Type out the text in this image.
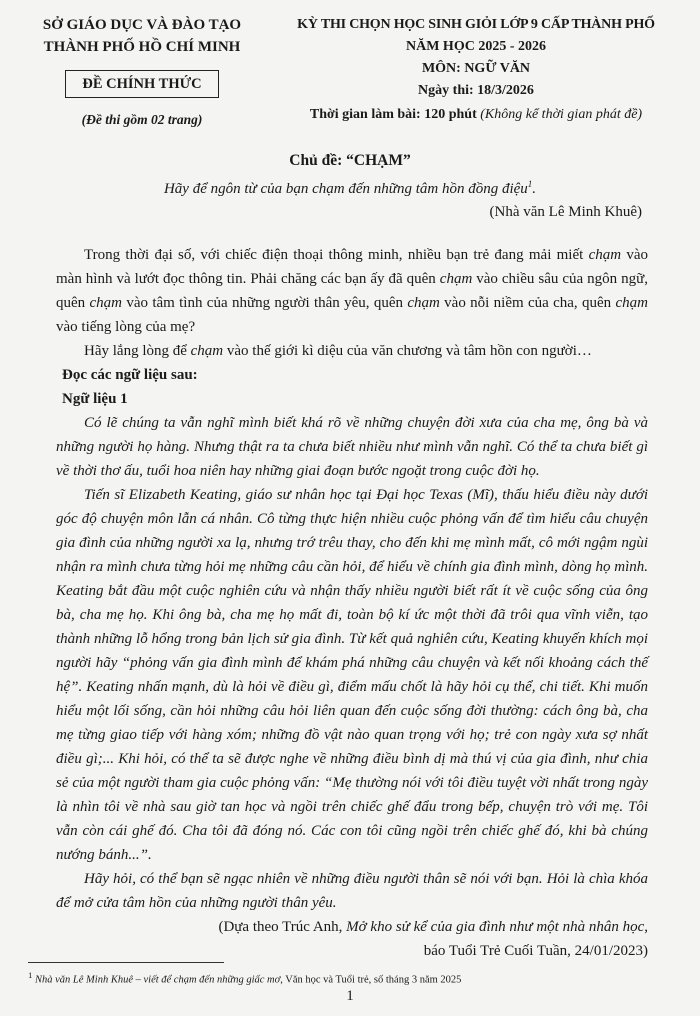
SỞ GIÁO DỤC VÀ ĐÀO TẠO
THÀNH PHỐ HỒ CHÍ MINH
ĐỀ CHÍNH THỨC
(Đề thi gồm 02 trang)
KỲ THI CHỌN HỌC SINH GIỎI LỚP 9 CẤP THÀNH PHỐ
NĂM HỌC 2025 - 2026
MÔN: NGỮ VĂN
Ngày thi: 18/3/2026
Thời gian làm bài: 120 phút (Không kể thời gian phát đề)
Chủ đề: “CHẠM”
Hãy để ngôn từ của bạn chạm đến những tâm hồn đồng điệu$^1$.
(Nhà văn Lê Minh Khuê)

Trong thời đại số, với chiếc điện thoại thông minh, nhiều bạn trẻ đang mải miết chạm vào màn hình và lướt đọc thông tin. Phải chăng các bạn ấy đã quên chạm vào chiều sâu của ngôn ngữ, quên chạm vào tâm tình của những người thân yêu, quên chạm vào nỗi niềm của cha, quên chạm vào tiếng lòng của mẹ?

Hãy lắng lòng để chạm vào thế giới kì diệu của văn chương và tâm hồn con người…

Đọc các ngữ liệu sau:

Ngữ liệu 1

Có lẽ chúng ta vẫn nghĩ mình biết khá rõ về những chuyện đời xưa của cha mẹ, ông bà và những người họ hàng. Nhưng thật ra ta chưa biết nhiều như mình vẫn nghĩ. Có thể ta chưa biết gì về thời thơ ấu, tuổi hoa niên hay những giai đoạn bước ngoặt trong cuộc đời họ.

Tiến sĩ Elizabeth Keating, giáo sư nhân học tại Đại học Texas (Mĩ), thấu hiểu điều này dưới góc độ chuyện môn lẫn cá nhân. Cô từng thực hiện nhiều cuộc phỏng vấn để tìm hiểu câu chuyện gia đình của những người xa lạ, nhưng trớ trêu thay, cho đến khi mẹ mình mất, cô mới ngậm ngùi nhận ra mình chưa từng hỏi mẹ những câu cần hỏi, để hiểu về chính gia đình mình, dòng họ mình. Keating bắt đầu một cuộc nghiên cứu và nhận thấy nhiều người biết rất ít về cuộc sống của ông bà, cha mẹ họ. Khi ông bà, cha mẹ họ mất đi, toàn bộ kí ức một thời đã trôi qua vĩnh viễn, tạo thành những lỗ hổng trong bản lịch sử gia đình. Từ kết quả nghiên cứu, Keating khuyến khích mọi người hãy “phỏng vấn gia đình mình để khám phá những câu chuyện và kết nối khoảng cách thế hệ”. Keating nhấn mạnh, dù là hỏi về điều gì, điểm mấu chốt là hãy hỏi cụ thể, chi tiết. Khi muốn hiểu một lối sống, cần hỏi những câu hỏi liên quan đến cuộc sống đời thường: cách ông bà, cha mẹ từng giao tiếp với hàng xóm; những đồ vật nào quan trọng với họ; trẻ con ngày xưa sợ nhất điều gì;... Khi hỏi, có thể ta sẽ được nghe về những điều bình dị mà thú vị của gia đình, như chia sẻ của một người tham gia cuộc phỏng vấn: “Mẹ thường nói với tôi điều tuyệt vời nhất trong ngày là nhìn tôi về nhà sau giờ tan học và ngồi trên chiếc ghế đẩu trong bếp, chuyện trò với mẹ. Tôi vẫn còn cái ghế đó. Cha tôi đã đóng nó. Các con tôi cũng ngồi trên chiếc ghế đó, khi bà chúng nướng bánh...”.

Hãy hỏi, có thể bạn sẽ ngạc nhiên về những điều người thân sẽ nói với bạn. Hỏi là chìa khóa để mở cửa tâm hồn của những người thân yêu.

(Dựa theo Trúc Anh, Mở kho sử kể của gia đình như một nhà nhân học,

báo Tuổi Trẻ Cuối Tuần, 24/01/2023)

$^1$ Nhà văn Lê Minh Khuê – viết để chạm đến những giấc mơ, Văn học và Tuổi trẻ, số tháng 3 năm 2025
1
